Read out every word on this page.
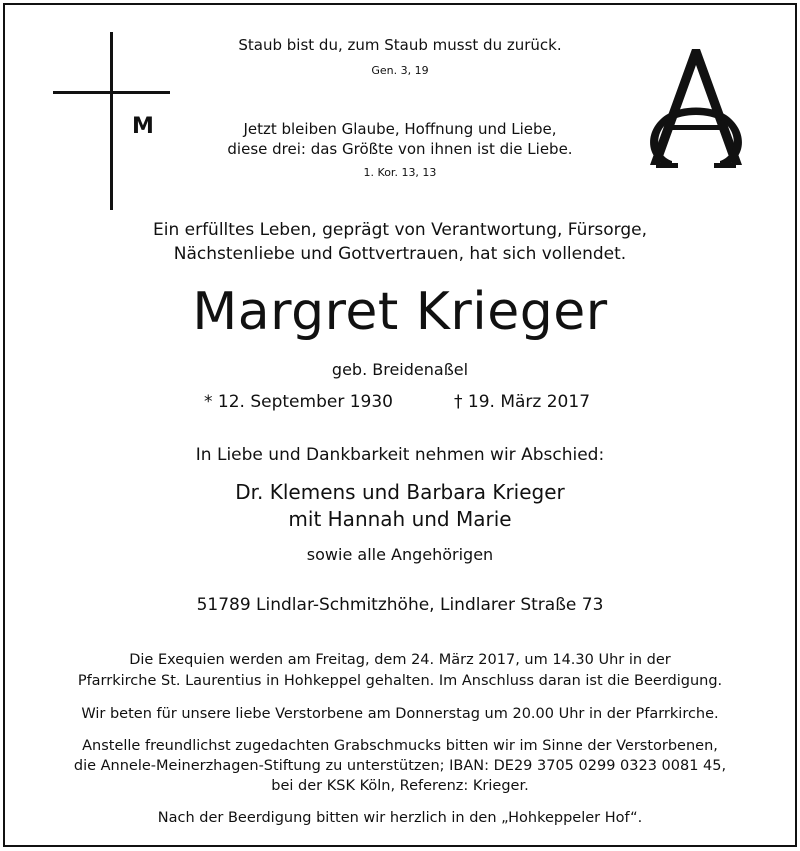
M
Staub bist du, zum Staub musst du zurück.
Gen. 3, 19
Jetzt bleiben Glaube, Hoffnung und Liebe,
diese drei: das Größte von ihnen ist die Liebe.
1. Kor. 13, 13
Ein erfülltes Leben, geprägt von Verantwortung, Fürsorge,
Nächstenliebe und Gottvertrauen, hat sich vollendet.
Margret Krieger
geb. Breidenaßel
* 12. September 1930	† 19. März 2017
In Liebe und Dankbarkeit nehmen wir Abschied:
Dr. Klemens und Barbara Krieger
mit Hannah und Marie
sowie alle Angehörigen
51789 Lindlar-Schmitzhöhe, Lindlarer Straße 73
Die Exequien werden am Freitag, dem 24. März 2017, um 14.30 Uhr in der
Pfarrkirche St. Laurentius in Hohkeppel gehalten. Im Anschluss daran ist die Beerdigung.
Wir beten für unsere liebe Verstorbene am Donnerstag um 20.00 Uhr in der Pfarrkirche.
Anstelle freundlichst zugedachten Grabschmucks bitten wir im Sinne der Verstorbenen,
die Annele-Meinerzhagen-Stiftung zu unterstützen; IBAN: DE29 3705 0299 0323 0081 45,
bei der KSK Köln, Referenz: Krieger.
Nach der Beerdigung bitten wir herzlich in den „Hohkeppeler Hof“.
